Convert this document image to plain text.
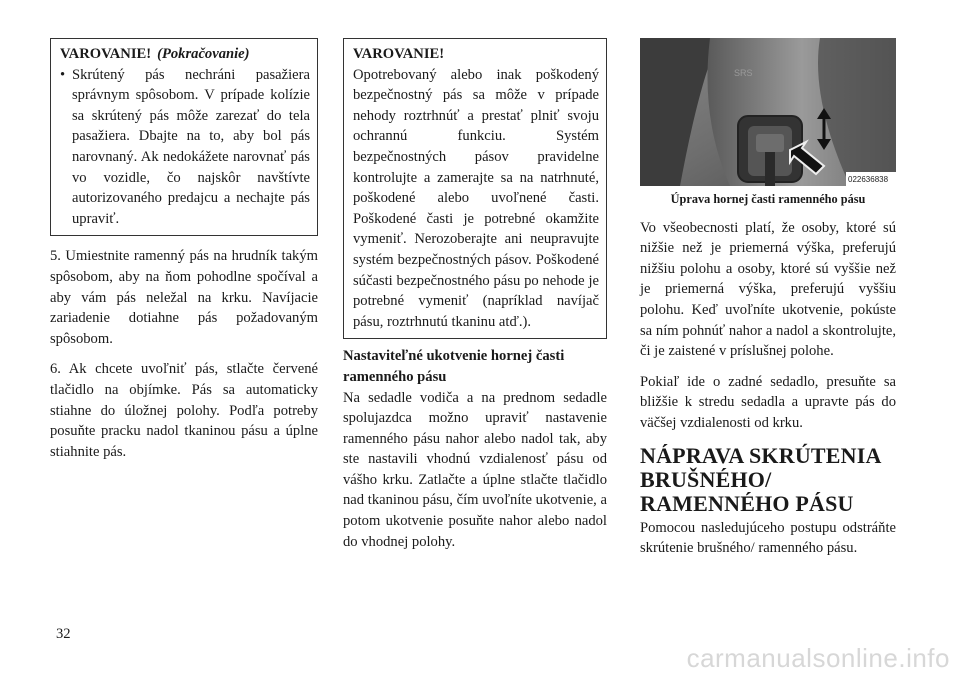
VAROVANIE! (Pokračovanie)
• Skrútený pás nechráni pasažiera správnym spôsobom. V prípade kolízie sa skrútený pás môže zarezať do tela pasažiera. Dbajte na to, aby bol pás narovnaný. Ak nedokážete narovnať pás vo vozidle, čo najskôr navštívte autorizovaného predajcu a nechajte pás upraviť.

5. Umiestnite ramenný pás na hrudník takým spôsobom, aby na ňom pohodlne spočíval a aby vám pás neležal na krku. Navíjacie zariadenie dotiahne pás požadovaným spôsobom.

6. Ak chcete uvoľniť pás, stlačte červené tlačidlo na objímke. Pás sa automaticky stiahne do úložnej polohy. Podľa potreby posuňte pracku nadol tkaninou pásu a úplne stiahnite pás.

VAROVANIE!

Opotrebovaný alebo inak poškodený bezpečnostný pás sa môže v prípade nehody roztrhnúť a prestať plniť svoju ochrannú funkciu. Systém bezpečnostných pásov pravidelne kontrolujte a zamerajte sa na natrhnuté, poškodené alebo uvoľnené časti. Poškodené časti je potrebné okamžite vymeniť. Nerozoberajte ani neupravujte systém bezpečnostných pásov. Poškodené súčasti bezpečnostného pásu po nehode je potrebné vymeniť (napríklad navíjač pásu, roztrhnutú tkaninu atď.).

Nastaviteľné ukotvenie hornej časti ramenného pásu

Na sedadle vodiča a na prednom sedadle spolujazdca možno upraviť nastavenie ramenného pásu nahor alebo nadol tak, aby ste nastavili vhodnú vzdialenosť pásu od vášho krku. Zatlačte a úplne stlačte tlačidlo nad tkaninou pásu, čím uvoľníte ukotvenie, a potom ukotvenie posuňte nahor alebo nadol do vhodnej polohy.

SRS
022636838
Úprava hornej časti ramenného pásu

Vo všeobecnosti platí, že osoby, ktoré sú nižšie než je priemerná výška, preferujú nižšiu polohu a osoby, ktoré sú vyššie než je priemerná výška, preferujú vyššiu polohu. Keď uvoľníte ukotvenie, pokúste sa ním pohnúť nahor a nadol a skontrolujte, či je zaistené v príslušnej polohe.

Pokiaľ ide o zadné sedadlo, presuňte sa bližšie k stredu sedadla a upravte pás do väčšej vzdialenosti od krku.

NÁPRAVA SKRÚTENIA
BRUŠNÉHO/
RAMENNÉHO PÁSU

Pomocou nasledujúceho postupu odstráňte skrútenie brušného/ ramenného pásu.

32
carmanualsonline.info
